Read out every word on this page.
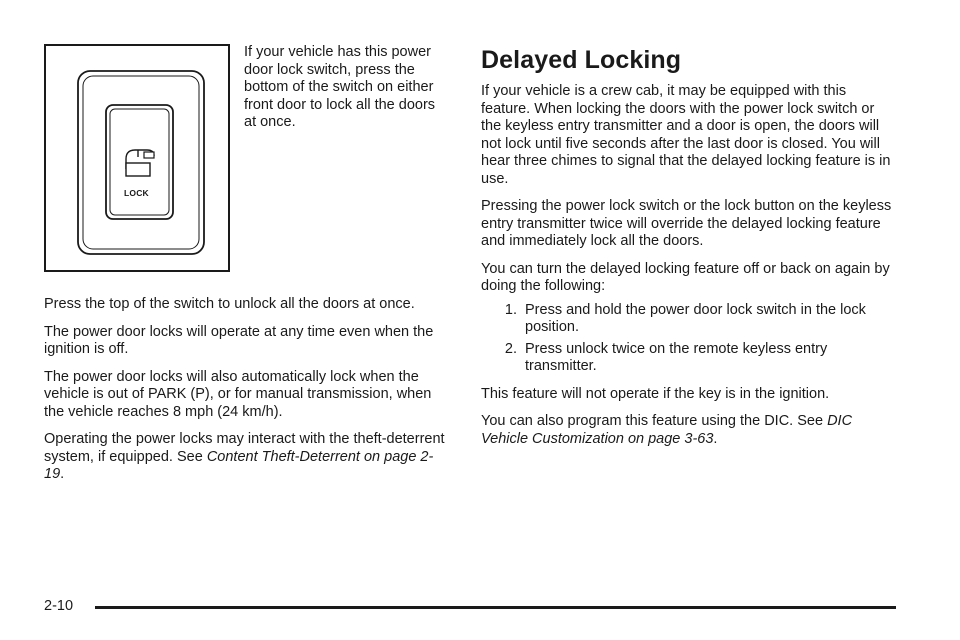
LOCK
If your vehicle has this power door lock switch, press the bottom of the switch on either front door to lock all the doors at once.

Press the top of the switch to unlock all the doors at once.

The power door locks will operate at any time even when the ignition is off.

The power door locks will also automatically lock when the vehicle is out of PARK (P), or for manual transmission, when the vehicle reaches 8 mph (24 km/h).

Operating the power locks may interact with the theft-deterrent system, if equipped. See Content Theft-Deterrent on page 2-19.

Delayed Locking

If your vehicle is a crew cab, it may be equipped with this feature. When locking the doors with the power lock switch or the keyless entry transmitter and a door is open, the doors will not lock until five seconds after the last door is closed. You will hear three chimes to signal that the delayed locking feature is in use.

Pressing the power lock switch or the lock button on the keyless entry transmitter twice will override the delayed locking feature and immediately lock all the doors.

You can turn the delayed locking feature off or back on again by doing the following:

1. Press and hold the power door lock switch in the lock position.
2. Press unlock twice on the remote keyless entry transmitter.

This feature will not operate if the key is in the ignition.

You can also program this feature using the DIC. See DIC Vehicle Customization on page 3-63.

2-10
